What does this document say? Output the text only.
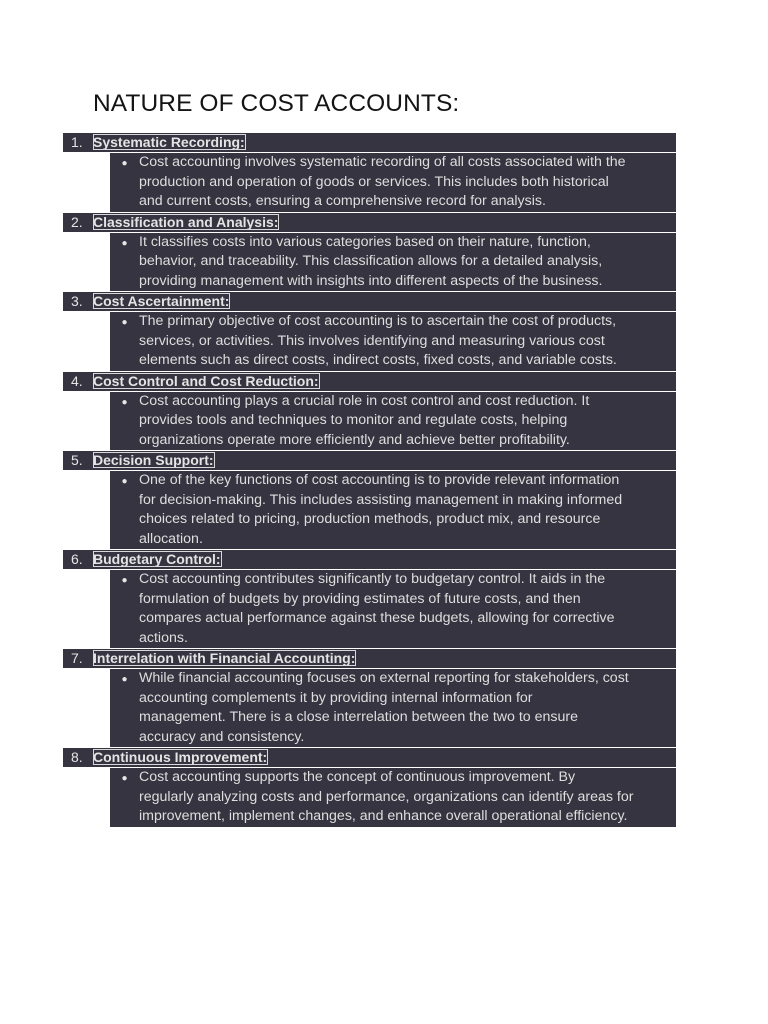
NATURE OF COST ACCOUNTS:
1. Systematic Recording:
● Cost accounting involves systematic recording of all costs associated with the
production and operation of goods or services. This includes both historical
and current costs, ensuring a comprehensive record for analysis.
2. Classification and Analysis:
● It classifies costs into various categories based on their nature, function,
behavior, and traceability. This classification allows for a detailed analysis,
providing management with insights into different aspects of the business.
3. Cost Ascertainment:
● The primary objective of cost accounting is to ascertain the cost of products,
services, or activities. This involves identifying and measuring various cost
elements such as direct costs, indirect costs, fixed costs, and variable costs.
4. Cost Control and Cost Reduction:
● Cost accounting plays a crucial role in cost control and cost reduction. It
provides tools and techniques to monitor and regulate costs, helping
organizations operate more efficiently and achieve better profitability.
5. Decision Support:
● One of the key functions of cost accounting is to provide relevant information
for decision-making. This includes assisting management in making informed
choices related to pricing, production methods, product mix, and resource
allocation.
6. Budgetary Control:
● Cost accounting contributes significantly to budgetary control. It aids in the
formulation of budgets by providing estimates of future costs, and then
compares actual performance against these budgets, allowing for corrective
actions.
7. Interrelation with Financial Accounting:
● While financial accounting focuses on external reporting for stakeholders, cost
accounting complements it by providing internal information for
management. There is a close interrelation between the two to ensure
accuracy and consistency.
8. Continuous Improvement:
● Cost accounting supports the concept of continuous improvement. By
regularly analyzing costs and performance, organizations can identify areas for
improvement, implement changes, and enhance overall operational efficiency.
